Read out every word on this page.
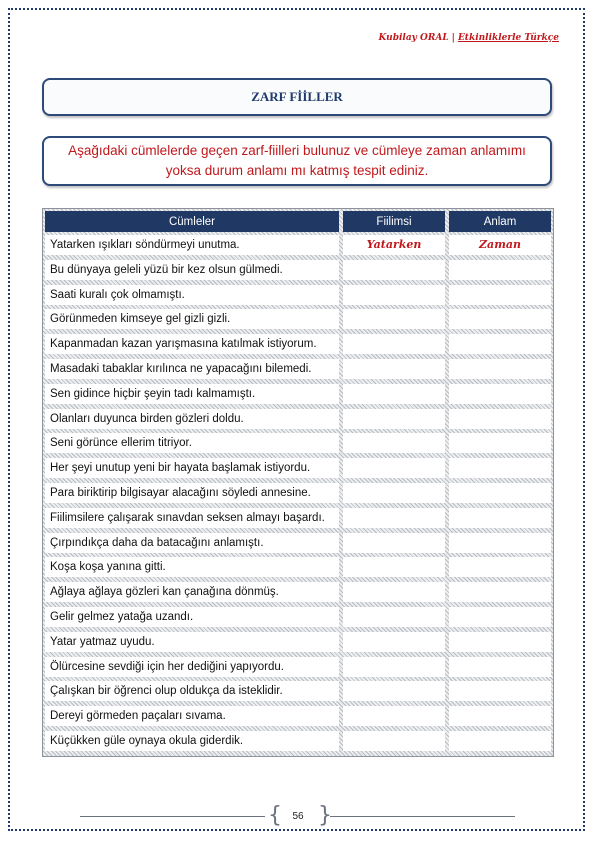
Kubilay ORAL | Etkinliklerle Türkçe
ZARF FİİLLER
Aşağıdaki cümlelerde geçen zarf-fiilleri bulunuz ve cümleye zaman anlamımı yoksa durum anlamı mı katmış tespit ediniz.
Cümleler	Fiilimsi	Anlam
Yatarken ışıkları söndürmeyi unutma.	Yatarken	Zaman
Bu dünyaya geleli yüzü bir kez olsun gülmedi.
Saati kuralı çok olmamıştı.
Görünmeden kimseye gel gizli gizli.
Kapanmadan kazan yarışmasına katılmak istiyorum.
Masadaki tabaklar kırılınca ne yapacağını bilemedi.
Sen gidince hiçbir şeyin tadı kalmamıştı.
Olanları duyunca birden gözleri doldu.
Seni görünce ellerim titriyor.
Her şeyi unutup yeni bir hayata başlamak istiyordu.
Para biriktirip bilgisayar alacağını söyledi annesine.
Fiilimsilere çalışarak sınavdan seksen almayı başardı.
Çırpındıkça daha da batacağını anlamıştı.
Koşa koşa yanına gitti.
Ağlaya ağlaya gözleri kan çanağına dönmüş.
Gelir gelmez yatağa uzandı.
Yatar yatmaz uyudu.
Ölürcesine sevdiği için her dediğini yapıyordu.
Çalışkan bir öğrenci olup oldukça da isteklidir.
Dereyi görmeden paçaları sıvama.
Küçükken güle oynaya okula giderdik.
{ }
56
